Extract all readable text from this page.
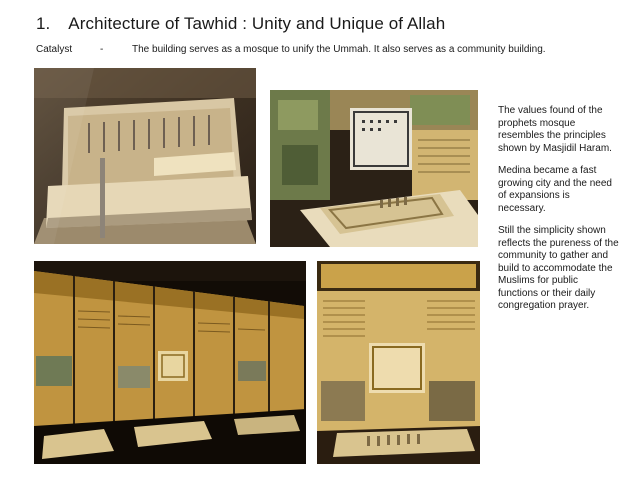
1. Architecture of Tawhid : Unity and Unique of Allah
Catalyst	-	The building serves as a mosque to unify the Ummah. It also serves as a community building.

The values found of the prophets mosque resembles the principles shown by Masjidil Haram.

Medina became a fast growing city and the need of expansions is necessary.

Still the simplicity shown reflects the pureness of the community to gather and build to accommodate the Muslims for public functions or their daily congregation prayer.
